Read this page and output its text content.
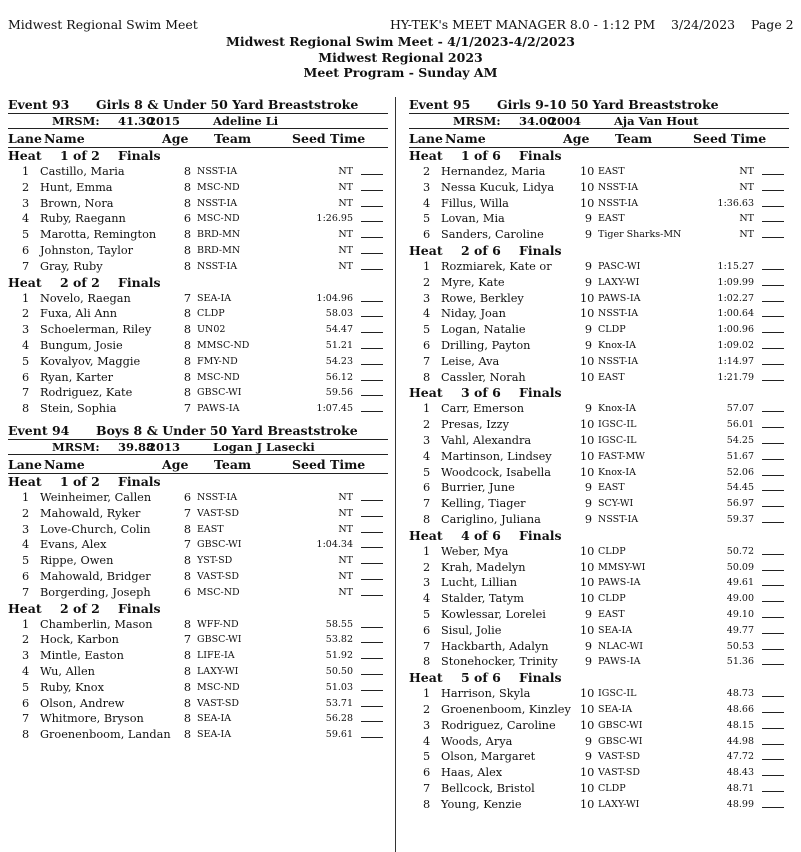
Midwest Regional Swim Meet	HY-TEK's MEET MANAGER 8.0 - 1:12 PM    3/24/2023    Page 2
Midwest Regional Swim Meet - 4/1/2023-4/2/2023
Midwest Regional 2023
Meet Program - Sunday AM
Event 93 Girls 8 & Under 50 Yard Breaststroke
MRSM: 41.30
2015	Adeline Li
Lane Name	Age Team	Seed Time
Heat 1 of 2 Finals
1 Castillo, Maria	8 NSST-IA	NT
2 Hunt, Emma	8 MSC-ND	NT
3 Brown, Nora	8 NSST-IA	NT
4 Ruby, Raegann	6 MSC-ND	1:26.95
5 Marotta, Remington	8 BRD-MN	NT
6 Johnston, Taylor	8 BRD-MN	NT
7 Gray, Ruby	8 NSST-IA	NT
Heat 2 of 2 Finals
1 Novelo, Raegan	7 SEA-IA	1:04.96
2 Fuxa, Ali Ann	8 CLDP	58.03
3 Schoelerman, Riley	8 UN02	54.47
4 Bungum, Josie	8 MMSC-ND	51.21
5 Kovalyov, Maggie	8 FMY-ND	54.23
6 Ryan, Karter	8 MSC-ND	56.12
7 Rodriguez, Kate	8 GBSC-WI	59.56
8 Stein, Sophia	7 PAWS-IA	1:07.45
Event 94 Boys 8 & Under 50 Yard Breaststroke
MRSM: 39.88
2013	Logan J Lasecki
Lane Name	Age Team	Seed Time
Heat 1 of 2 Finals
1 Weinheimer, Callen	6 NSST-IA	NT
2 Mahowald, Ryker	7 VAST-SD	NT
3 Love-Church, Colin	8 EAST	NT
4 Evans, Alex	7 GBSC-WI	1:04.34
5 Rippe, Owen	8 YST-SD	NT
6 Mahowald, Bridger	8 VAST-SD	NT
7 Borgerding, Joseph	6 MSC-ND	NT
Heat 2 of 2 Finals
1 Chamberlin, Mason	8 WFF-ND	58.55
2 Hock, Karbon	7 GBSC-WI	53.82
3 Mintle, Easton	8 LIFE-IA	51.92
4 Wu, Allen	8 LAXY-WI	50.50
5 Ruby, Knox	8 MSC-ND	51.03
6 Olson, Andrew	8 VAST-SD	53.71
7 Whitmore, Bryson	8 SEA-IA	56.28
8 Groenenboom, Landan	8 SEA-IA	59.61
Event 95 Girls 9-10 50 Yard Breaststroke
MRSM: 34.00
2004	Aja Van Hout
Lane Name	Age Team	Seed Time
Heat 1 of 6 Finals
2 Hernandez, Maria	10 EAST	NT
3 Nessa Kucuk, Lidya 10 NSST-IA	NT
4 Fillus, Willa	10 NSST-IA	1:36.63
5 Lovan, Mia	9 EAST	NT
6 Sanders, Caroline	9 Tiger Sharks-MN	NT
Heat 2 of 6 Finals
1 Rozmiarek, Kate or	9 PASC-WI	1:15.27
2 Myre, Kate	9 LAXY-WI	1:09.99
3 Rowe, Berkley	10 PAWS-IA	1:02.27
4 Niday, Joan	10 NSST-IA	1:00.64
5 Logan, Natalie	9 CLDP	1:00.96
6 Drilling, Payton	9 Knox-IA	1:09.02
7 Leise, Ava	10 NSST-IA	1:14.97
8 Cassler, Norah	10 EAST	1:21.79
Heat 3 of 6 Finals
1 Carr, Emerson	9 Knox-IA	57.07
2 Presas, Izzy	10 IGSC-IL	56.01
3 Vahl, Alexandra	10 IGSC-IL	54.25
4 Martinson, Lindsey	10 FAST-MW	51.67
5 Woodcock, Isabella	10 Knox-IA	52.06
6 Burrier, June	9 EAST	54.45
7 Kelling, Tiager	9 SCY-WI	56.97
8 Cariglino, Juliana	9 NSST-IA	59.37
Heat 4 of 6 Finals
1 Weber, Mya	10 CLDP	50.72
2 Krah, Madelyn	10 MMSY-WI	50.09
3 Lucht, Lillian	10 PAWS-IA	49.61
4 Stalder, Tatym	10 CLDP	49.00
5 Kowlessar, Lorelei	9 EAST	49.10
6 Sisul, Jolie	10 SEA-IA	49.77
7 Hackbarth, Adalyn	9 NLAC-WI	50.53
8 Stonehocker, Trinity	9 PAWS-IA	51.36
Heat 5 of 6 Finals
1 Harrison, Skyla	10 IGSC-IL	48.73
2 Groenenboom, Kinzley 10 SEA-IA	48.66
3 Rodriguez, Caroline 10 GBSC-WI	48.15
4 Woods, Arya	9 GBSC-WI	44.98
5 Olson, Margaret	9 VAST-SD	47.72
6 Haas, Alex	10 VAST-SD	48.43
7 Bellcock, Bristol	10 CLDP	48.71
8 Young, Kenzie	10 LAXY-WI	48.99
